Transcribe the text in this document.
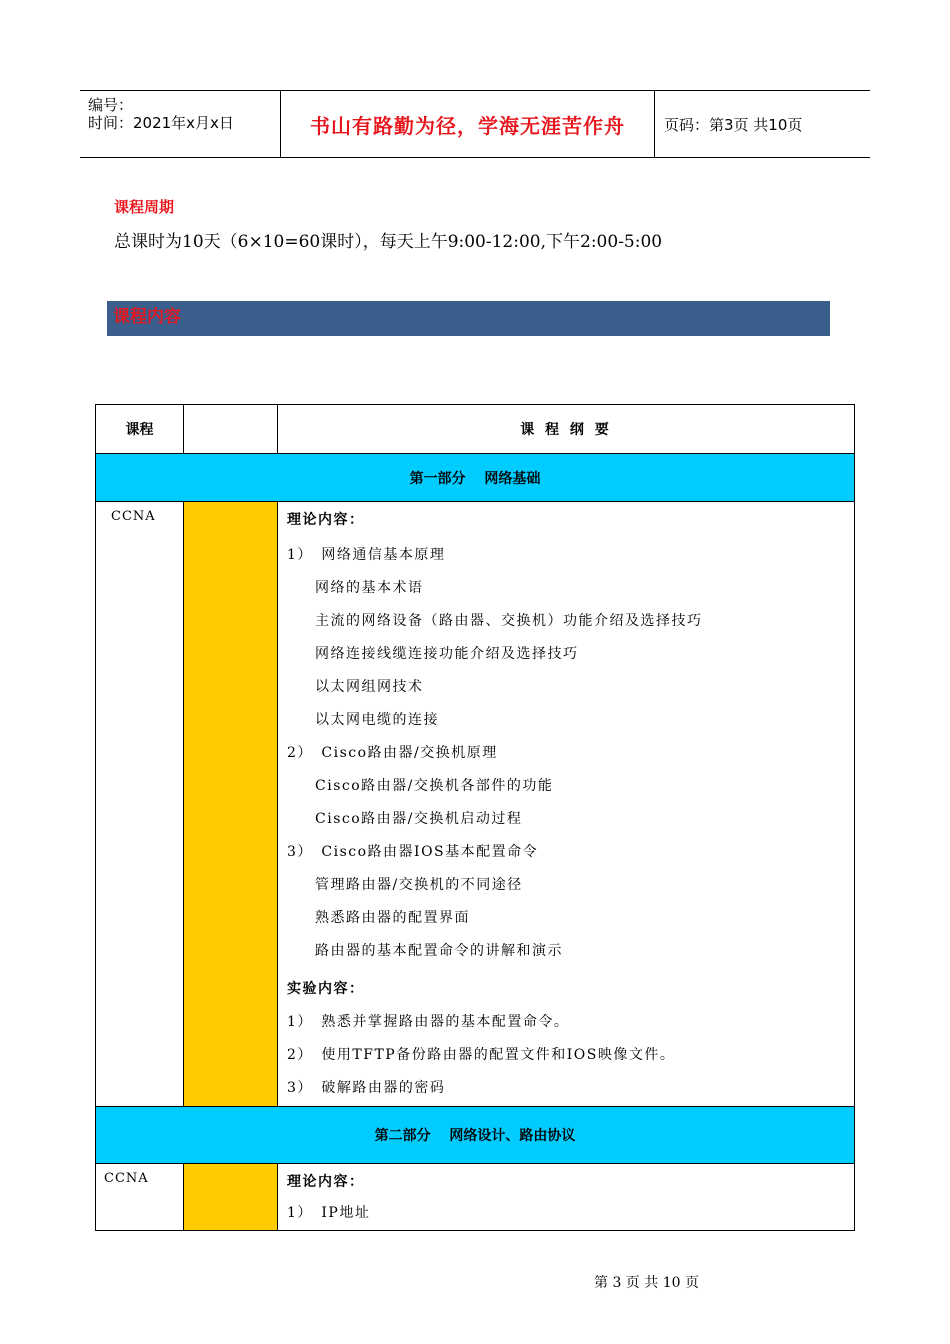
编号：
时间：2021年x月x日	书山有路勤为径，学海无涯苦作舟	页码：第3页 共10页
课程周期
总课时为10天（6×10=60课时），每天上午9:00-12:00,下午2:00-5:00
课程内容
课程	课 程 纲 要
第一部分　 网络基础
CCNA	理论内容：
1）　网络通信基本原理
网络的基本术语
主流的网络设备（路由器、交换机）功能介绍及选择技巧
网络连接线缆连接功能介绍及选择技巧
以太网组网技术
以太网电缆的连接
2）　Cisco路由器/交换机原理
Cisco路由器/交换机各部件的功能
Cisco路由器/交换机启动过程
3）　Cisco路由器IOS基本配置命令
管理路由器/交换机的不同途径
熟悉路由器的配置界面
路由器的基本配置命令的讲解和演示
实验内容：
1）　熟悉并掌握路由器的基本配置命令。
2）　使用TFTP备份路由器的配置文件和IOS映像文件。
3）　破解路由器的密码
第二部分　 网络设计、路由协议
CCNA	理论内容：
1）　IP地址
第 3 页 共 10 页
